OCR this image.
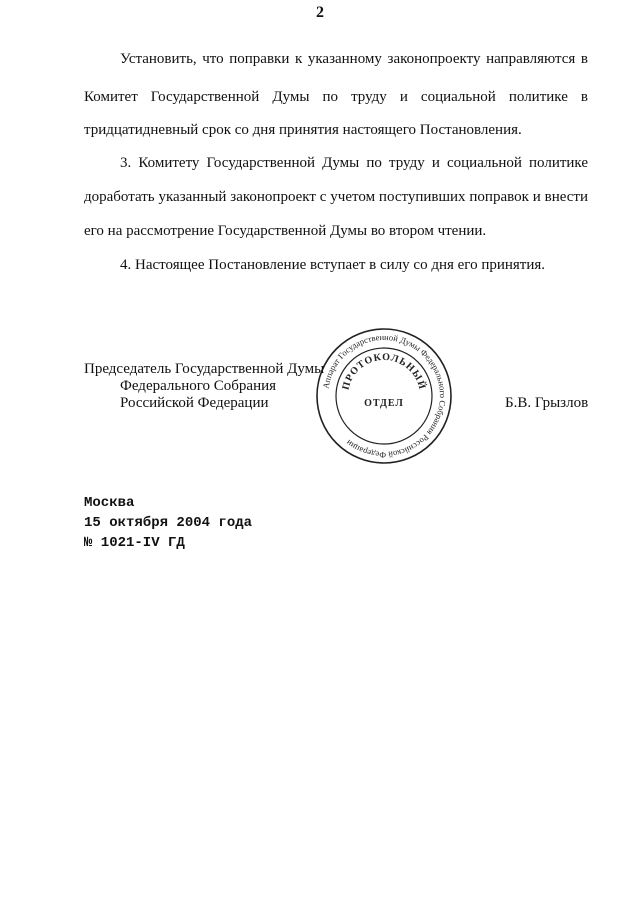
2
Установить, что поправки к указанному законопроекту направляются в
Комитет Государственной Думы по труду и социальной политике в
тридцатидневный срок со дня принятия настоящего Постановления.
3. Комитету Государственной Думы по труду и социальной политике
доработать указанный законопроект с учетом поступивших поправок и внести
его на рассмотрение Государственной Думы во втором чтении.
4. Настоящее Постановление вступает в силу со дня его принятия.
Аппарат Государственной Думы Федерального Собрания Российской Федерации
ПРОТОКОЛЬНЫЙ
ОТДЕЛ
Председатель Государственной Думы
Федерального Собрания
Российской Федерации	Б.В. Грызлов
Москва
15 октября 2004 года
№ 1021-IV ГД
